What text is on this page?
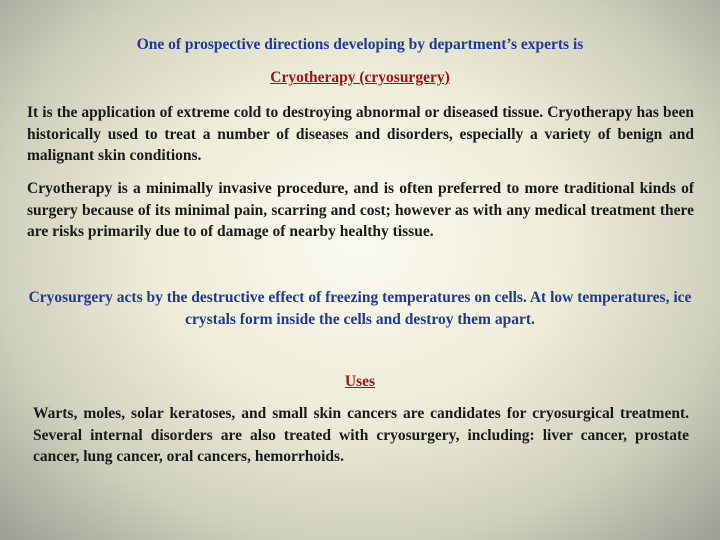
One of prospective directions developing by department’s experts is

Cryotherapy (cryosurgery)

It is the application of extreme cold to destroying abnormal or diseased tissue. Cryotherapy has been historically used to treat a number of diseases and disorders, especially a variety of benign and malignant skin conditions.

Cryotherapy is a minimally invasive procedure, and is often preferred to more traditional kinds of surgery because of its minimal pain, scarring and cost; however as with any medical treatment there are risks primarily due to of damage of nearby healthy tissue.

Cryosurgery acts by the destructive effect of freezing temperatures on cells. At low temperatures, ice crystals form inside the cells and destroy them apart.

Uses

Warts, moles, solar keratoses, and small skin cancers are candidates for cryosurgical treatment. Several internal disorders are also treated with cryosurgery, including: liver cancer, prostate cancer, lung cancer, oral cancers, hemorrhoids.
